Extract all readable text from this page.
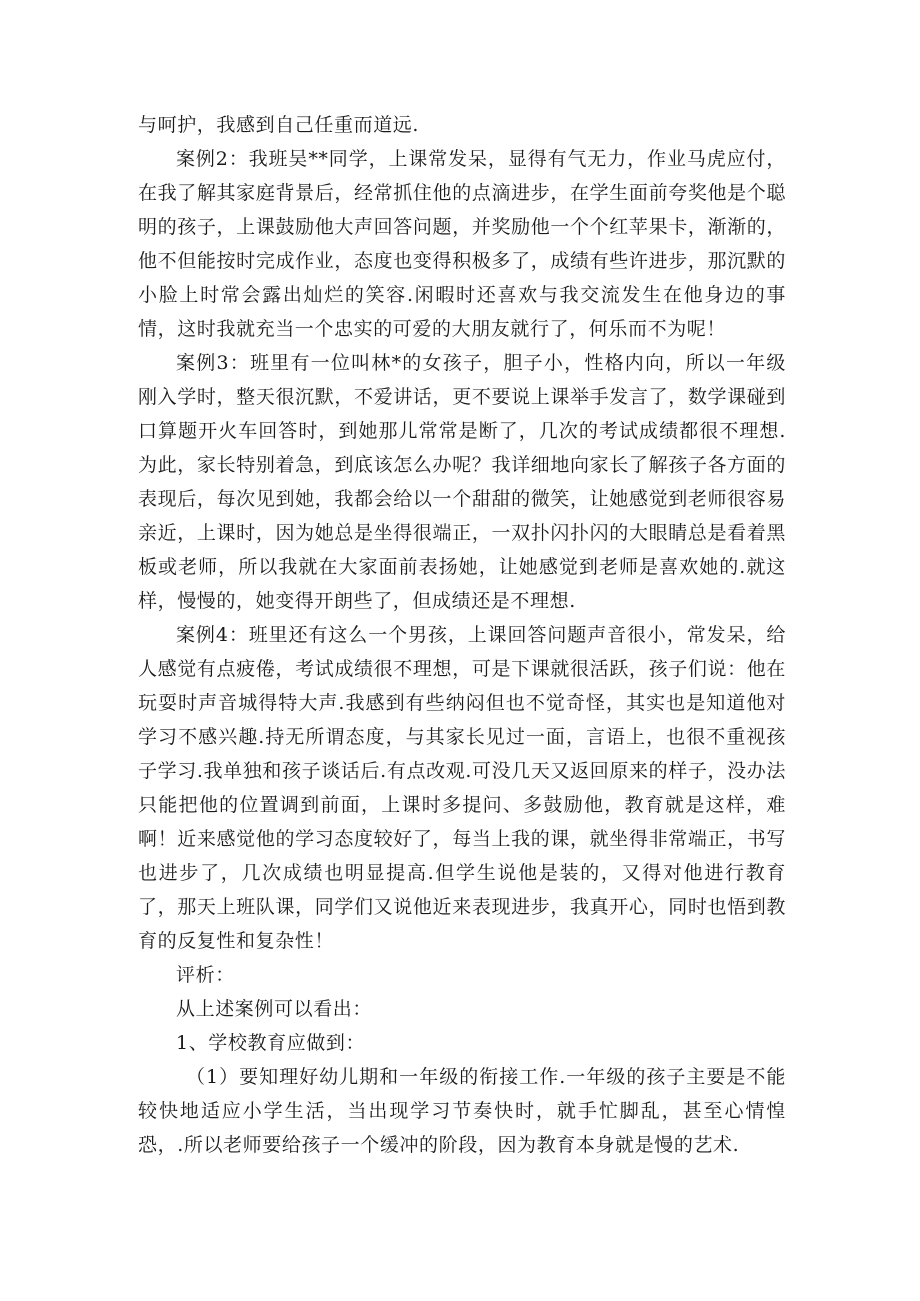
与呵护，我感到自己任重而道远.

案例2：我班吴**同学，上课常发呆，显得有气无力，作业马虎应付，在我了解其家庭背景后，经常抓住他的点滴进步，在学生面前夸奖他是个聪明的孩子，上课鼓励他大声回答问题，并奖励他一个个红苹果卡，渐渐的，他不但能按时完成作业，态度也变得积极多了，成绩有些许进步，那沉默的小脸上时常会露出灿烂的笑容.闲暇时还喜欢与我交流发生在他身边的事情，这时我就充当一个忠实的可爱的大朋友就行了，何乐而不为呢！

案例3：班里有一位叫林*的女孩子，胆子小，性格内向，所以一年级刚入学时，整天很沉默，不爱讲话，更不要说上课举手发言了，数学课碰到口算题开火车回答时，到她那儿常常是断了，几次的考试成绩都很不理想.为此，家长特别着急，到底该怎么办呢？我详细地向家长了解孩子各方面的表现后，每次见到她，我都会给以一个甜甜的微笑，让她感觉到老师很容易亲近，上课时，因为她总是坐得很端正，一双扑闪扑闪的大眼睛总是看着黑板或老师，所以我就在大家面前表扬她，让她感觉到老师是喜欢她的.就这样，慢慢的，她变得开朗些了，但成绩还是不理想.

案例4：班里还有这么一个男孩，上课回答问题声音很小，常发呆，给人感觉有点疲倦，考试成绩很不理想，可是下课就很活跃，孩子们说：他在玩耍时声音城得特大声.我感到有些纳闷但也不觉奇怪，其实也是知道他对学习不感兴趣.持无所谓态度，与其家长见过一面，言语上，也很不重视孩子学习.我单独和孩子谈话后.有点改观.可没几天又返回原来的样子，没办法只能把他的位置调到前面，上课时多提问、多鼓励他，教育就是这样，难啊！近来感觉他的学习态度较好了，每当上我的课，就坐得非常端正，书写也进步了，几次成绩也明显提高.但学生说他是装的，又得对他进行教育了，那天上班队课，同学们又说他近来表现进步，我真开心，同时也悟到教育的反复性和复杂性！

评析：

从上述案例可以看出：

1、学校教育应做到：

（1）要知理好幼儿期和一年级的衔接工作.一年级的孩子主要是不能较快地适应小学生活，当出现学习节奏快时，就手忙脚乱，甚至心情惶恐，.所以老师要给孩子一个缓冲的阶段，因为教育本身就是慢的艺术.
